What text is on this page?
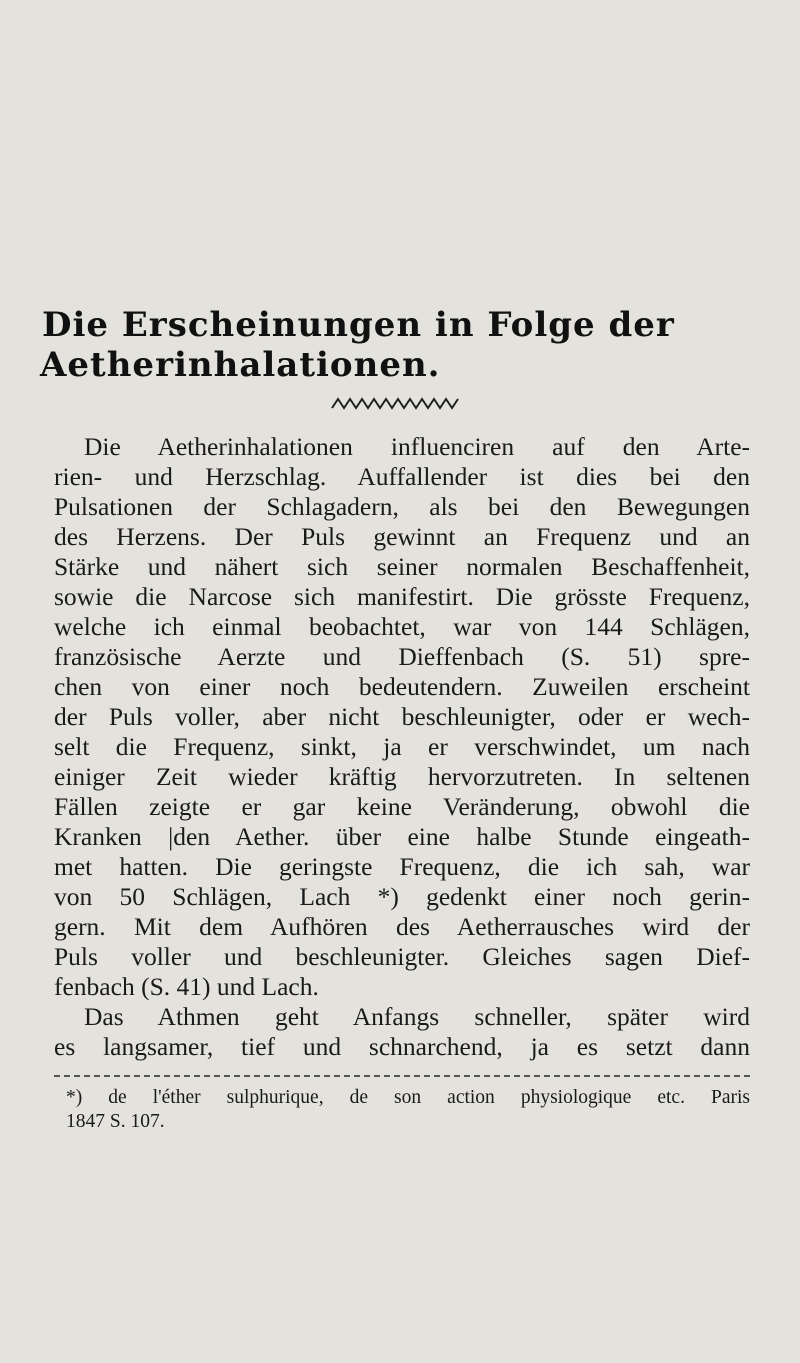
Die Erscheinungen in Folge der
Aetherinhalationen.
Die Aetherinhalationen influenciren auf den Arte-
rien- und Herzschlag. Auffallender ist dies bei den
Pulsationen der Schlagadern, als bei den Bewegungen
des Herzens. Der Puls gewinnt an Frequenz und an
Stärke und nähert sich seiner normalen Beschaffenheit,
sowie die Narcose sich manifestirt. Die grösste Frequenz,
welche ich einmal beobachtet, war von 144 Schlägen,
französische Aerzte und Dieffenbach (S. 51) spre-
chen von einer noch bedeutendern. Zuweilen erscheint
der Puls voller, aber nicht beschleunigter, oder er wech-
selt die Frequenz, sinkt, ja er verschwindet, um nach
einiger Zeit wieder kräftig hervorzutreten. In seltenen
Fällen zeigte er gar keine Veränderung, obwohl die
Kranken |den Aether. über eine halbe Stunde eingeath-
met hatten. Die geringste Frequenz, die ich sah, war
von 50 Schlägen, Lach *) gedenkt einer noch gerin-
gern. Mit dem Aufhören des Aetherrausches wird der
Puls voller und beschleunigter. Gleiches sagen Dief-
fenbach (S. 41) und Lach.
Das Athmen geht Anfangs schneller, später wird
es langsamer, tief und schnarchend, ja es setzt dann
*) de l'éther sulphurique, de son action physiologique etc. Paris
1847 S. 107.
